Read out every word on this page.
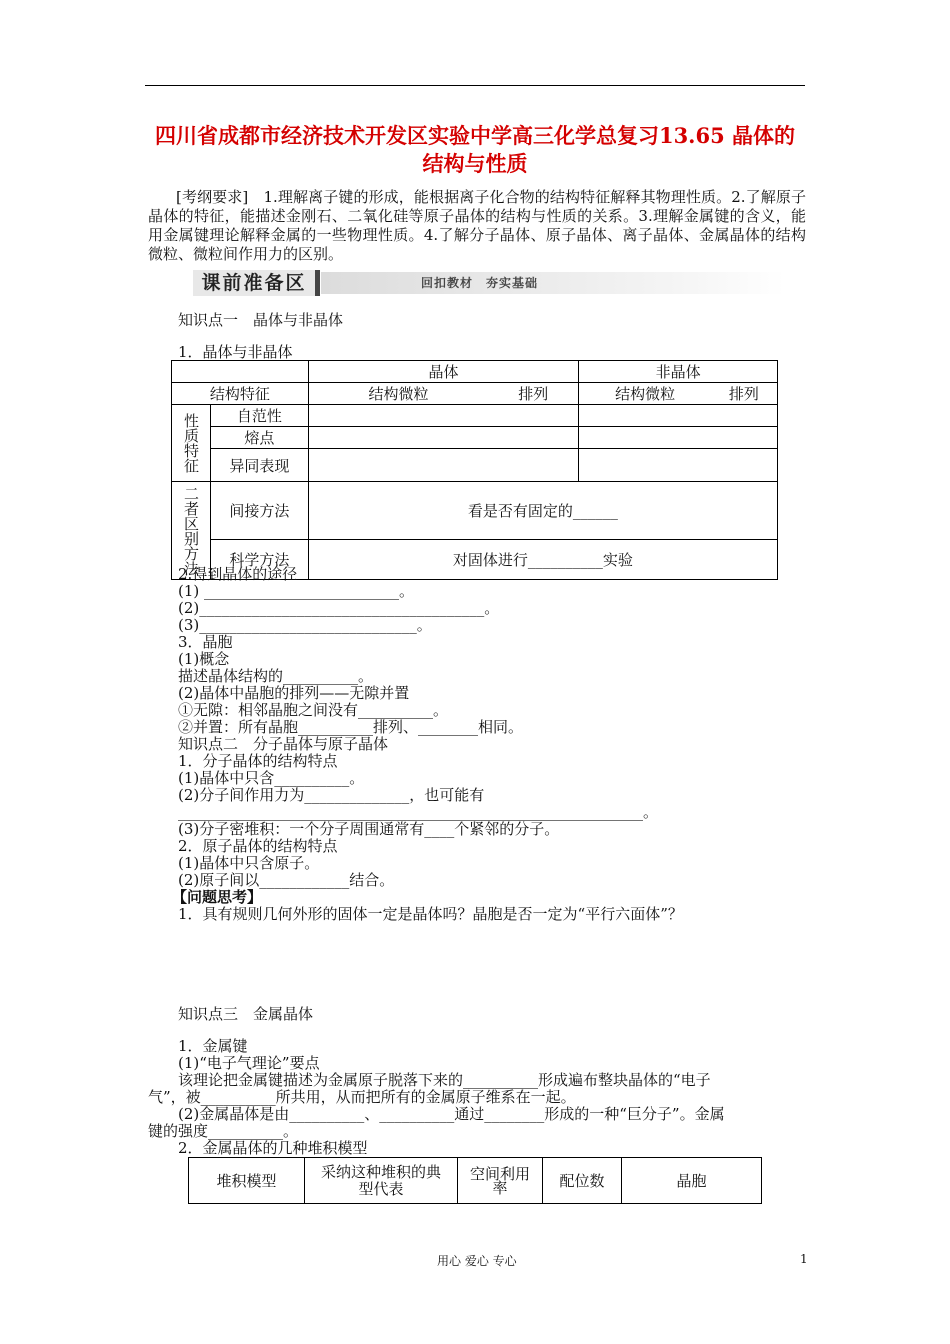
四川省成都市经济技术开发区实验中学高三化学总复习13.65 晶体的结构与性质
[考纲要求]　1.理解离子键的形成，能根据离子化合物的结构特征解释其物理性质。2.了解原子晶体的特征，能描述金刚石、二氧化硅等原子晶体的结构与性质的关系。3.理解金属键的含义，能用金属键理论解释金属的一些物理性质。4.了解分子晶体、原子晶体、离子晶体、金属晶体的结构微粒、微粒间作用力的区别。
课前准备区	回扣教材　夯实基础
知识点一　晶体与非晶体
1．晶体与非晶体
		晶体		非晶体	
结构特征		结构微粒	排列	结构微粒	排列
性质特征	自范性				
	熔点				
	异同表现				
二者区别方法	间接方法	看是否有固定的______			
	科学方法	对固体进行__________实验			
2.得到晶体的途径
(1) __________________________。
(2)______________________________________。
(3)_____________________________。
3．晶胞
(1)概念
描述晶体结构的__________。
(2)晶体中晶胞的排列——无隙并置
①无隙：相邻晶胞之间没有__________。
②并置：所有晶胞__________排列、________相同。
知识点二　分子晶体与原子晶体
1．分子晶体的结构特点
(1)晶体中只含__________。
(2)分子间作用力为______________，也可能有
______________________________________________________________。
(3)分子密堆积：一个分子周围通常有____个紧邻的分子。
2．原子晶体的结构特点
(1)晶体中只含原子。
(2)原子间以____________结合。
【问题思考】
1．具有规则几何外形的固体一定是晶体吗？晶胞是否一定为“平行六面体”？
知识点三　金属晶体
1．金属键
(1)“电子气理论”要点
该理论把金属键描述为金属原子脱落下来的__________形成遍布整块晶体的“电子
气”，被__________所共用，从而把所有的金属原子维系在一起。
(2)金属晶体是由__________、__________通过________形成的一种“巨分子”。金属
键的强度__________。
2．金属晶体的几种堆积模型
堆积模型	采纳这种堆积的典型代表	空间利用率	配位数	晶胞
用心 爱心 专心	1
